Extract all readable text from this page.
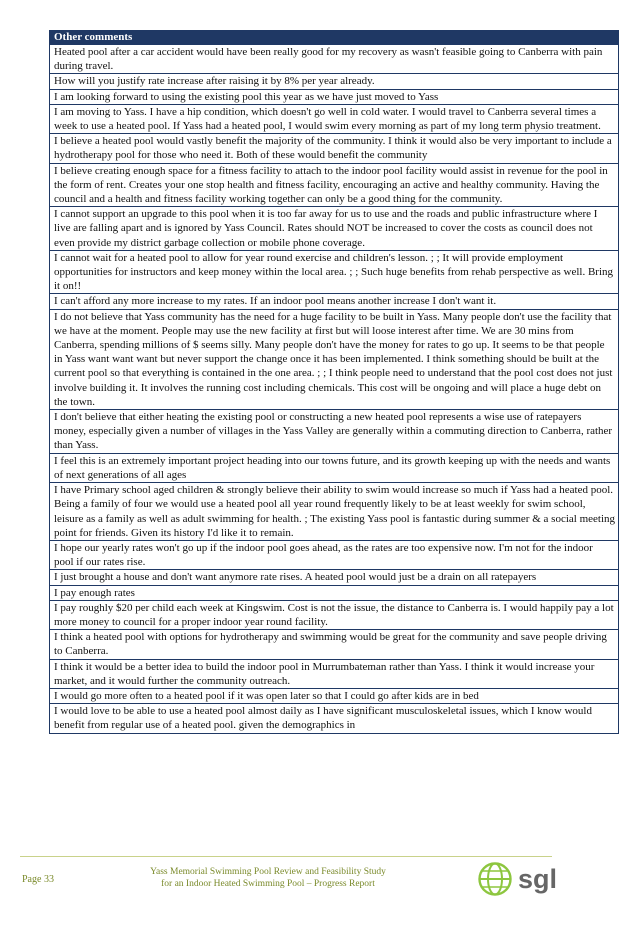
Other comments
Heated pool after a car accident would have been really good for my recovery as wasn't feasible going to Canberra with pain during travel.
How will you justify rate increase after raising it by 8% per year already.
I am looking forward to using the existing pool this year as we have just moved to Yass
I am moving to Yass. I have a hip condition, which doesn't go well in cold water. I would travel to Canberra several times a week to use a heated pool. If Yass had a heated pool, I would swim every morning as part of my long term physio treatment.
I believe a heated pool would vastly benefit the majority of the community. I think it would also be very important to include a hydrotherapy pool for those who need it. Both of these would benefit the community
I believe creating enough space for a fitness facility to attach to the indoor pool facility would assist in revenue for the pool in the form of rent. Creates your one stop health and fitness facility, encouraging an active and healthy community. Having the council and a health and fitness facility working together can only be a good thing for the community.
I cannot support an upgrade to this pool when it is too far away for us to use and the roads and public infrastructure where I live are falling apart and is ignored by Yass Council. Rates should NOT be increased to cover the costs as council does not even provide my district garbage collection or mobile phone coverage.
I cannot wait for a heated pool to allow for year round exercise and children's lesson. ; ; It will provide employment opportunities for instructors and keep money within the local area. ; ; Such huge benefits from rehab perspective as well. Bring it on!!
I can't afford any more increase to my rates. If an indoor pool means another increase I don't want it.
I do not believe that Yass community has the need for a huge facility to be built in Yass. Many people don't use the facility that we have at the moment. People may use the new facility at first but will loose interest after time. We are 30 mins from Canberra, spending millions of $ seems silly. Many people don't have the money for rates to go up. It seems to be that people in Yass want want want but never support the change once it has been implemented. I think something should be built at the current pool so that everything is contained in the one area. ; ; I think people need to understand that the pool cost does not just involve building it. It involves the running cost including chemicals. This cost will be ongoing and will place a huge debt on the town.
I don't believe that either heating the existing pool or constructing a new heated pool represents a wise use of ratepayers money, especially given a number of villages in the Yass Valley are generally within a commuting direction to Canberra, rather than Yass.
I feel this is an extremely important project heading into our towns future, and its growth keeping up with the needs and wants of next generations of all ages
I have Primary school aged children & strongly believe their ability to swim would increase so much if Yass had a heated pool. Being a family of four we would use a heated pool all year round frequently likely to be at least weekly for swim school, leisure as a family as well as adult swimming for health. ; The existing Yass pool is fantastic during summer & a social meeting point for friends. Given its history I'd like it to remain.
I hope our yearly rates won't go up if the indoor pool goes ahead, as the rates are too expensive now. I'm not for the indoor pool if our rates rise.
I just brought a house and don't want anymore rate rises. A heated pool would just be a drain on all ratepayers
I pay enough rates
I pay roughly $20 per child each week at Kingswim. Cost is not the issue, the distance to Canberra is. I would happily pay a lot more money to council for a proper indoor year round facility.
I think a heated pool with options for hydrotherapy and swimming would be great for the community and save people driving to Canberra.
I think it would be a better idea to build the indoor pool in Murrumbateman rather than Yass. I think it would increase your market, and it would further the community outreach.
I would go more often to a heated pool if it was open later so that I could go after kids are in bed
I would love to be able to use a heated pool almost daily as I have significant musculoskeletal issues, which I know would benefit from regular use of a heated pool. given the demographics in
Page 33
Yass Memorial Swimming Pool Review and Feasibility Study
for an Indoor Heated Swimming Pool – Progress Report	sgl
